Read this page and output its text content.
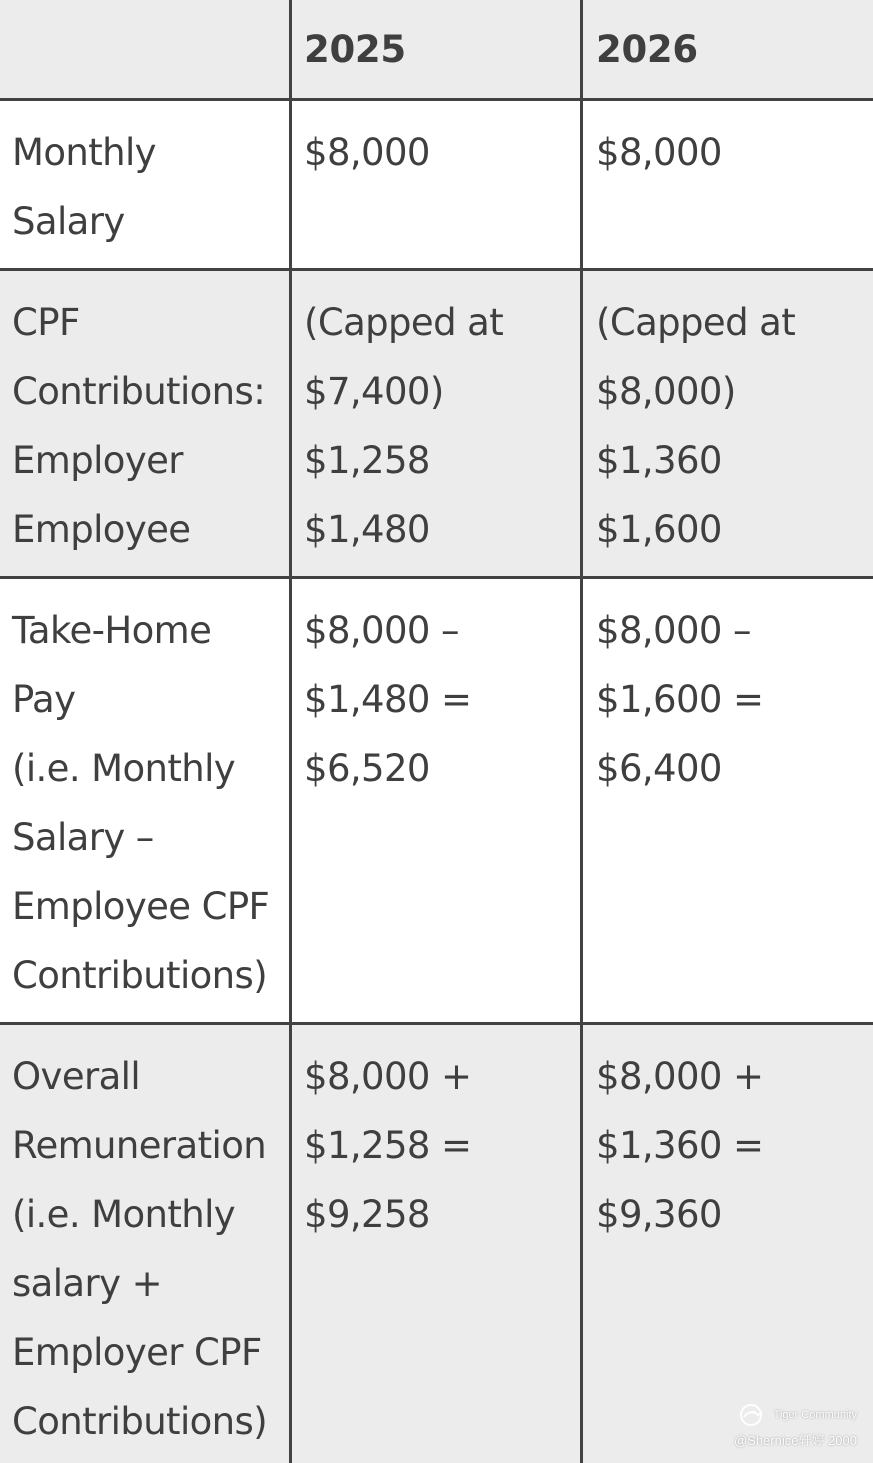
2025	2026
Monthly
Salary
$8,000	$8,000
CPF
Contributions:
Employer
Employee
(Capped at
$7,400)
$1,258
$1,480
(Capped at
$8,000)
$1,360
$1,600
Take-Home
Pay
(i.e. Monthly
Salary –
Employee CPF
Contributions)
$8,000 –
$1,480 =
$6,520
$8,000 –
$1,600 =
$6,400
Overall
Remuneration
(i.e. Monthly
salary +
Employer CPF
Contributions)
$8,000 +
$1,258 =
$9,258
$8,000 +
$1,360 =
$9,360
Tiger Community
@Shernice轩婷 2000
